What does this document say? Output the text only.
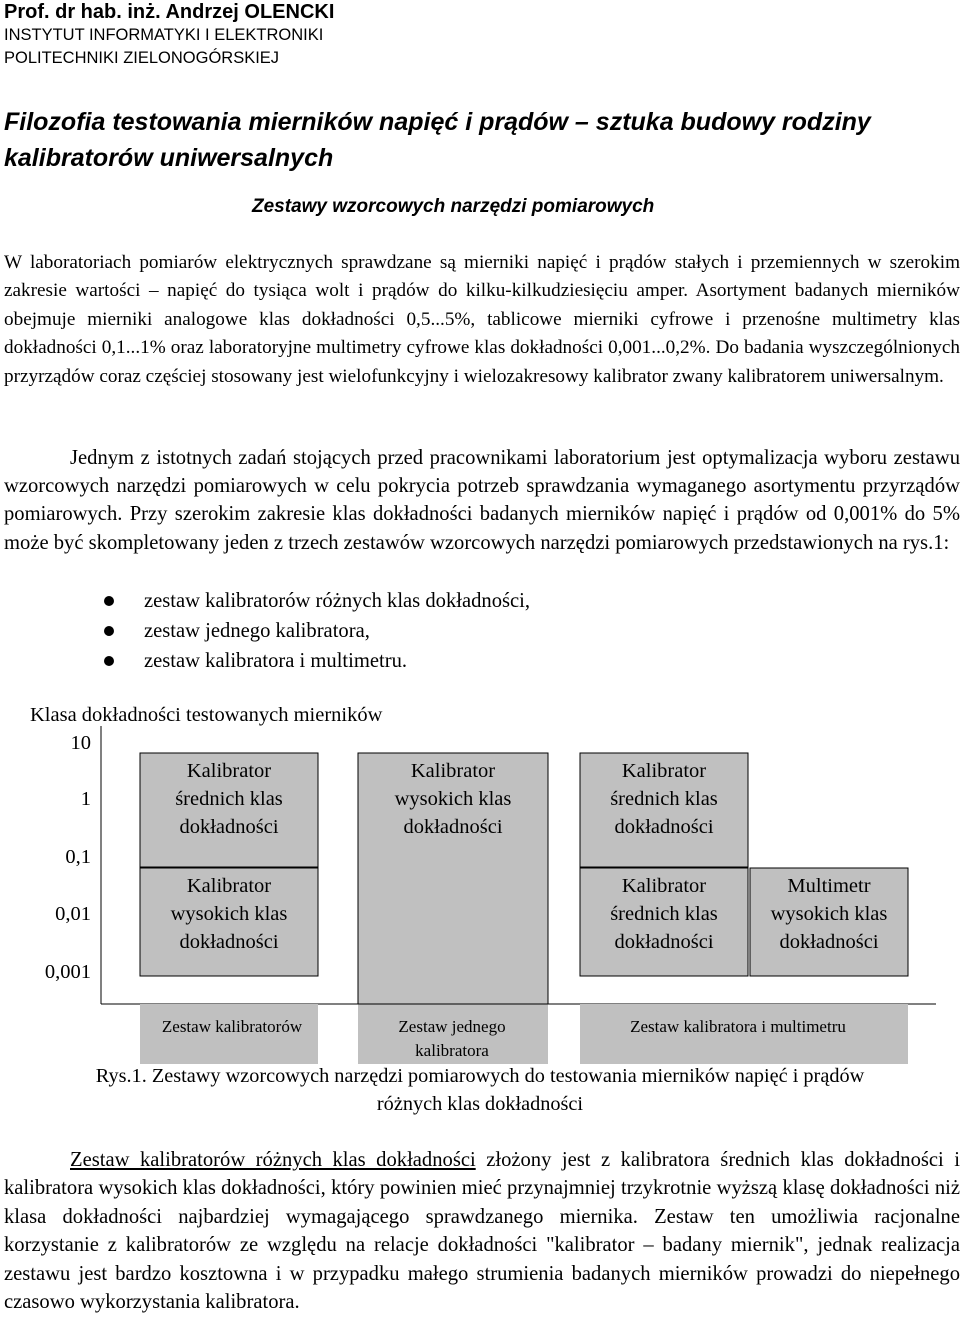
Prof. dr hab. inż. Andrzej OLENCKI
INSTYTUT INFORMATYKI I ELEKTRONIKI
POLITECHNIKI ZIELONOGÓRSKIEJ
Filozofia testowania mierników napięć i prądów – sztuka budowy rodziny kalibratorów uniwersalnych
Zestawy wzorcowych narzędzi pomiarowych

W laboratoriach pomiarów elektrycznych sprawdzane są mierniki napięć i prądów stałych i przemiennych w szerokim zakresie wartości – napięć do tysiąca wolt i prądów do kilku-kilkudziesięciu amper. Asortyment badanych mierników obejmuje mierniki analogowe klas dokładności 0,5...5%, tablicowe mierniki cyfrowe i przenośne multimetry klas dokładności 0,1...1% oraz laboratoryjne multimetry cyfrowe klas dokładności 0,001...0,2%. Do badania wyszczególnionych przyrządów coraz częściej stosowany jest wielofunkcyjny i wielozakresowy kalibrator zwany kalibratorem uniwersalnym.

Jednym z istotnych zadań stojących przed pracownikami laboratorium jest optymalizacja wyboru zestawu wzorcowych narzędzi pomiarowych w celu pokrycia potrzeb sprawdzania wymaganego asortymentu przyrządów pomiarowych. Przy szerokim zakresie klas dokładności badanych mierników napięć i prądów od 0,001% do 5% może być skompletowany jeden z trzech zestawów wzorcowych narzędzi pomiarowych przedstawionych na rys.1:

zestaw kalibratorów różnych klas dokładności,
zestaw jednego kalibratora,
zestaw kalibratora i multimetru.
Klasa dokładności testowanych mierników
10
1
0,1
0,01
0,001
Kalibrator
średnich klas
dokładności
Kalibrator
wysokich klas
dokładności
Kalibrator
wysokich klas
dokładności
Kalibrator
średnich klas
dokładności
Kalibrator
średnich klas
dokładności
Multimetr
wysokich klas
dokładności
Zestaw kalibratorów	Zestaw jednego
kalibratora
Zestaw kalibratora i multimetru
Rys.1. Zestawy wzorcowych narzędzi pomiarowych do testowania mierników napięć i prądów
różnych klas dokładności

Zestaw kalibratorów różnych klas dokładności złożony jest z kalibratora średnich klas dokładności i kalibratora wysokich klas dokładności, który powinien mieć przynajmniej trzykrotnie wyższą klasę dokładności niż klasa dokładności najbardziej wymagającego sprawdzanego miernika. Zestaw ten umożliwia racjonalne korzystanie z kalibratorów ze względu na relacje dokładności "kalibrator – badany miernik", jednak realizacja zestawu jest bardzo kosztowna i w przypadku małego strumienia badanych mierników prowadzi do niepełnego czasowo wykorzystania kalibratora.
